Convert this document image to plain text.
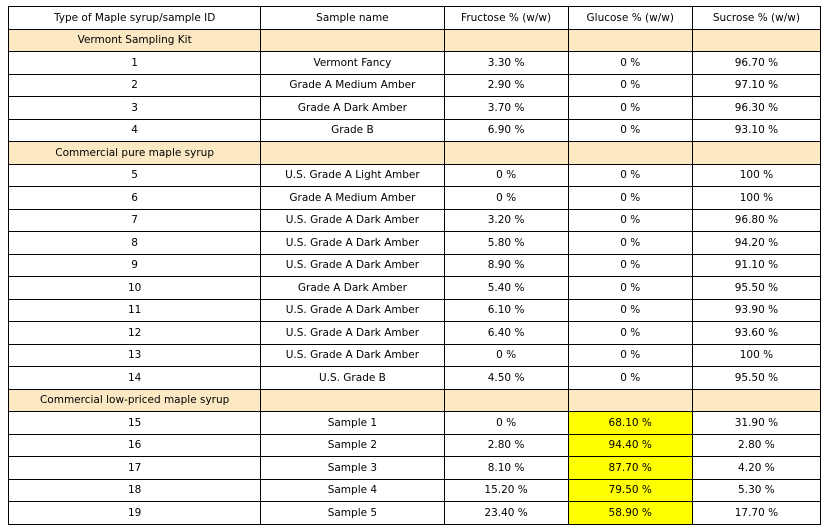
Type of Maple syrup/sample ID	Sample name	Fructose % (w/w)	Glucose % (w/w)	Sucrose % (w/w)
Vermont Sampling Kit				
1	Vermont Fancy	3.30 %	0 %	96.70 %
2	Grade A Medium Amber	2.90 %	0 %	97.10 %
3	Grade A Dark Amber	3.70 %	0 %	96.30 %
4	Grade B	6.90 %	0 %	93.10 %
Commercial pure maple syrup				
5	U.S. Grade A Light Amber	0 %	0 %	100 %
6	Grade A Medium Amber	0 %	0 %	100 %
7	U.S. Grade A Dark Amber	3.20 %	0 %	96.80 %
8	U.S. Grade A Dark Amber	5.80 %	0 %	94.20 %
9	U.S. Grade A Dark Amber	8.90 %	0 %	91.10 %
10	Grade A Dark Amber	5.40 %	0 %	95.50 %
11	U.S. Grade A Dark Amber	6.10 %	0 %	93.90 %
12	U.S. Grade A Dark Amber	6.40 %	0 %	93.60 %
13	U.S. Grade A Dark Amber	0 %	0 %	100 %
14	U.S. Grade B	4.50 %	0 %	95.50 %
Commercial low-priced maple syrup				
15	Sample 1	0 %	68.10 %	31.90 %
16	Sample 2	2.80 %	94.40 %	2.80 %
17	Sample 3	8.10 %	87.70 %	4.20 %
18	Sample 4	15.20 %	79.50 %	5.30 %
19	Sample 5	23.40 %	58.90 %	17.70 %
